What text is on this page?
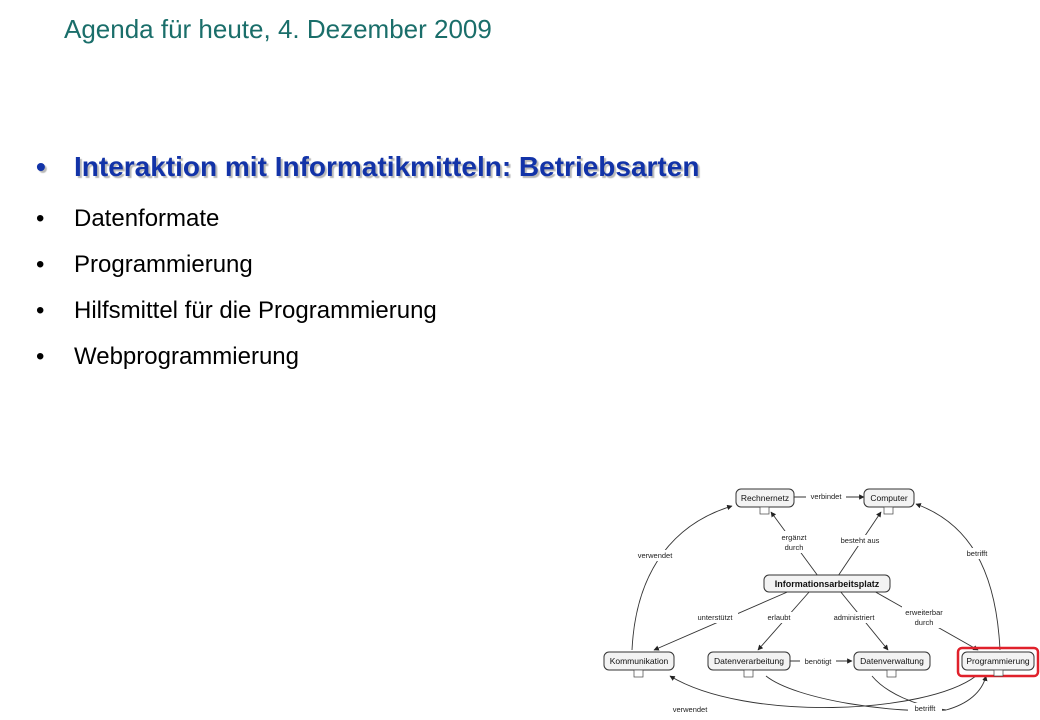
Agenda für heute, 4. Dezember 2009
• Interaktion mit Informatikmitteln: Betriebsarten
• Datenformate
• Programmierung
• Hilfsmittel für die Programmierung
• Webprogrammierung
verbindet
ergänzt
durch
besteht aus
verwendet	betrifft
unterstützt	erlaubt	administriert
erweiterbar
durch
benötigt
verwendet	betrifft
Rechnernetz	Computer
Informationsarbeitsplatz
Kommunikation	Datenverarbeitung	Datenverwaltung	Programmierung
